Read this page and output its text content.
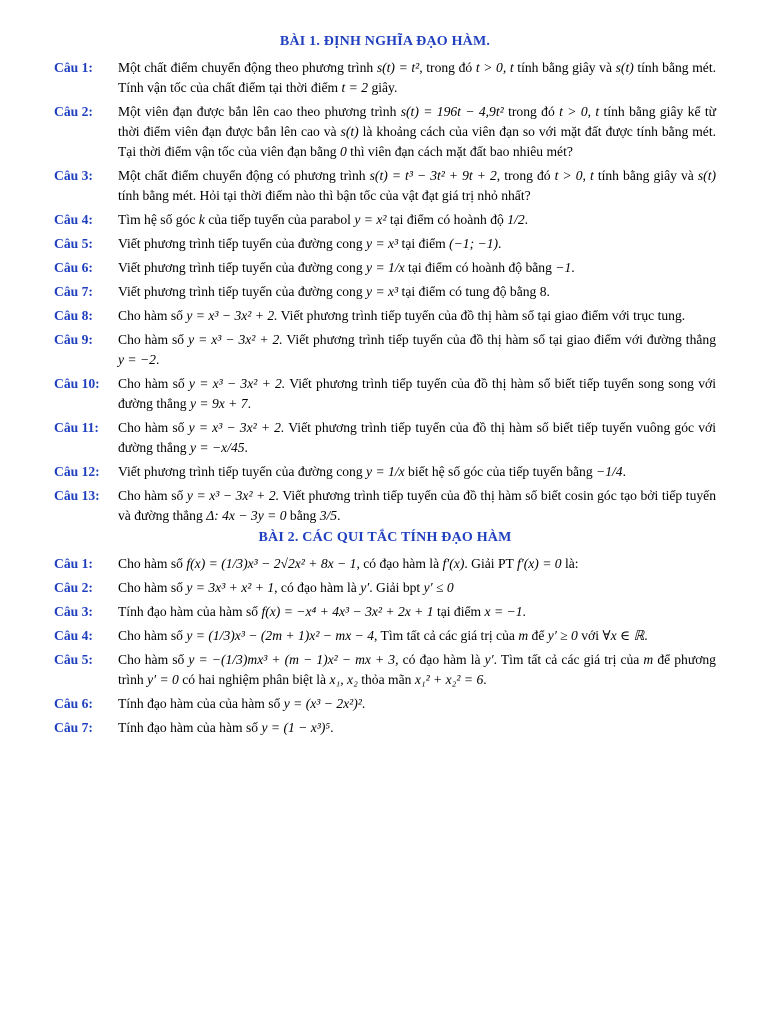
BÀI 1. ĐỊNH NGHĨA ĐẠO HÀM.
Câu 1:	Một chất điểm chuyển động theo phương trình s(t) = t², trong đó t > 0, t tính bằng giây và s(t) tính bằng mét. Tính vận tốc của chất điểm tại thời điểm t = 2 giây.
Câu 2:	Một viên đạn được bắn lên cao theo phương trình s(t) = 196t − 4,9t² trong đó t > 0, t tính bằng giây kể từ thời điểm viên đạn được bắn lên cao và s(t) là khoảng cách của viên đạn so với mặt đất được tính bằng mét. Tại thời điểm vận tốc của viên đạn bằng 0 thì viên đạn cách mặt đất bao nhiêu mét?
Câu 3:	Một chất điểm chuyển động có phương trình s(t) = t³ − 3t² + 9t + 2, trong đó t > 0, t tính bằng giây và s(t) tính bằng mét. Hỏi tại thời điểm nào thì bận tốc của vật đạt giá trị nhỏ nhất?
Câu 4:	Tìm hệ số góc k của tiếp tuyến của parabol y = x² tại điểm có hoành độ 1/2.
Câu 5:	Viết phương trình tiếp tuyến của đường cong y = x³ tại điểm (−1; −1).
Câu 6:	Viết phương trình tiếp tuyến của đường cong y = 1/x tại điểm có hoành độ bằng −1.
Câu 7:	Viết phương trình tiếp tuyến của đường cong y = x³ tại điểm có tung độ bằng 8.
Câu 8:	Cho hàm số y = x³ − 3x² + 2. Viết phương trình tiếp tuyến của đồ thị hàm số tại giao điểm với trục tung.
Câu 9:	Cho hàm số y = x³ − 3x² + 2. Viết phương trình tiếp tuyến của đồ thị hàm số tại giao điểm với đường thẳng y = −2.
Câu 10:	Cho hàm số y = x³ − 3x² + 2. Viết phương trình tiếp tuyến của đồ thị hàm số biết tiếp tuyến song song với đường thẳng y = 9x + 7.
Câu 11:	Cho hàm số y = x³ − 3x² + 2. Viết phương trình tiếp tuyến của đồ thị hàm số biết tiếp tuyến vuông góc với đường thẳng y = −x/45.
Câu 12:	Viết phương trình tiếp tuyến của đường cong y = 1/x biết hệ số góc của tiếp tuyến bằng −1/4.
Câu 13:	Cho hàm số y = x³ − 3x² + 2. Viết phương trình tiếp tuyến của đồ thị hàm số biết cosin góc tạo bởi tiếp tuyến và đường thẳng Δ: 4x − 3y = 0 bằng 3/5.
BÀI 2. CÁC QUI TẮC TÍNH ĐẠO HÀM
Câu 1:	Cho hàm số f(x) = (1/3)x³ − 2√2x² + 8x − 1, có đạo hàm là f′(x). Giải PT f′(x) = 0 là:
Câu 2:	Cho hàm số y = 3x³ + x² + 1, có đạo hàm là y′. Giải bpt y′ ≤ 0
Câu 3:	Tính đạo hàm của hàm số f(x) = −x⁴ + 4x³ − 3x² + 2x + 1 tại điểm x = −1.
Câu 4:	Cho hàm số y = (1/3)x³ − (2m + 1)x² − mx − 4, Tìm tất cả các giá trị của m để y′ ≥ 0 với ∀x ∈ ℝ.
Câu 5:	Cho hàm số y = −(1/3)mx³ + (m − 1)x² − mx + 3, có đạo hàm là y′. Tìm tất cả các giá trị của m để phương trình y′ = 0 có hai nghiệm phân biệt là x₁, x₂ thỏa mãn x₁² + x₂² = 6.
Câu 6:	Tính đạo hàm của của hàm số y = (x³ − 2x²)².
Câu 7:	Tính đạo hàm của hàm số y = (1 − x³)⁵.
